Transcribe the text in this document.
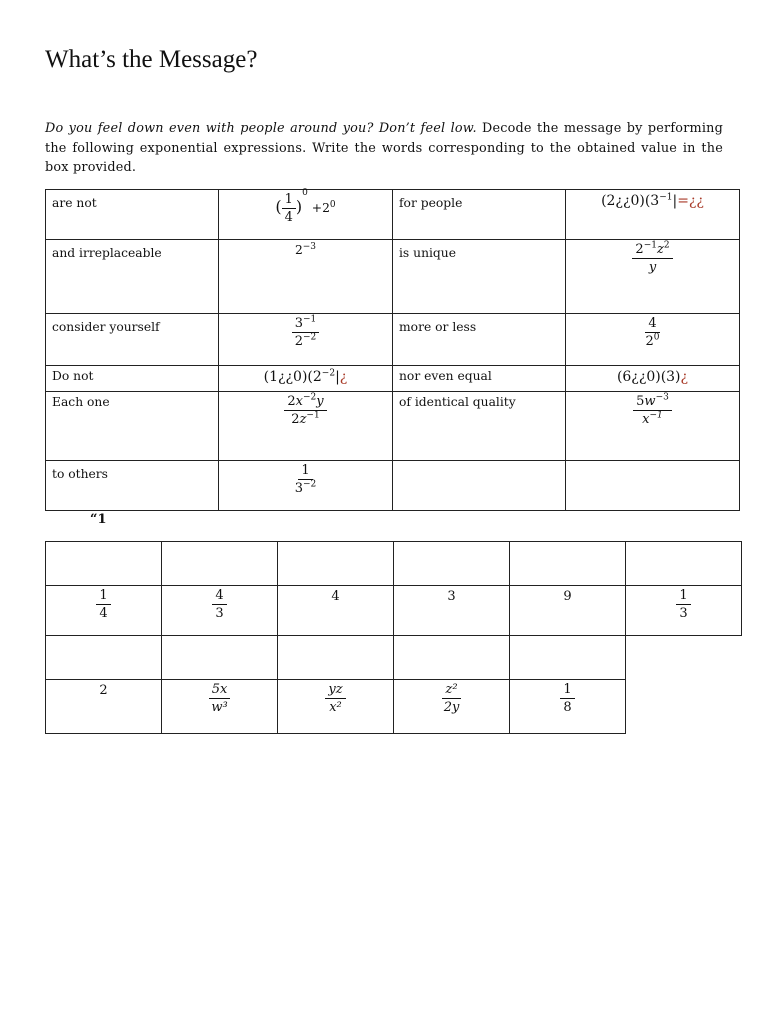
What’s the Message?
Do you feel down even with people around you? Don’t feel low. Decode the message by performing the following exponential expressions. Write the words corresponding to the obtained value in the box provided.
are not	( $\frac{1}{4} )^0 +2^0$	for people	$(2¿¿0)(3^{-1}|=¿¿$
and irreplaceable	$2^{-3}$	is unique	$\frac{2^{-1}z^2}{y}$

consider yourself	$\frac{3^{-1}}{2^{-2}}$	more or less	$\frac{4}{2^0}$

Do not	$(1¿¿0)(2^{-2}|¿$	nor even equal	(6¿¿0)(3)¿
Each one	$\frac{2x^{-2}y}{2z^{-1}}$	of identical quality	$\frac{5w^{-3}}{x^{-1}}$

to others	$\frac{1}{3^{-2}}$

“1

$\frac{1}{4}$	$\frac{4}{3}$	4	3	9	$\frac{1}{3}$

2	$\frac{5x}{\text{w³}}$	$\frac{yz}{\text{x²}}$	$\frac{\text{z²}}{2y}$	$\frac{1}{8}$
